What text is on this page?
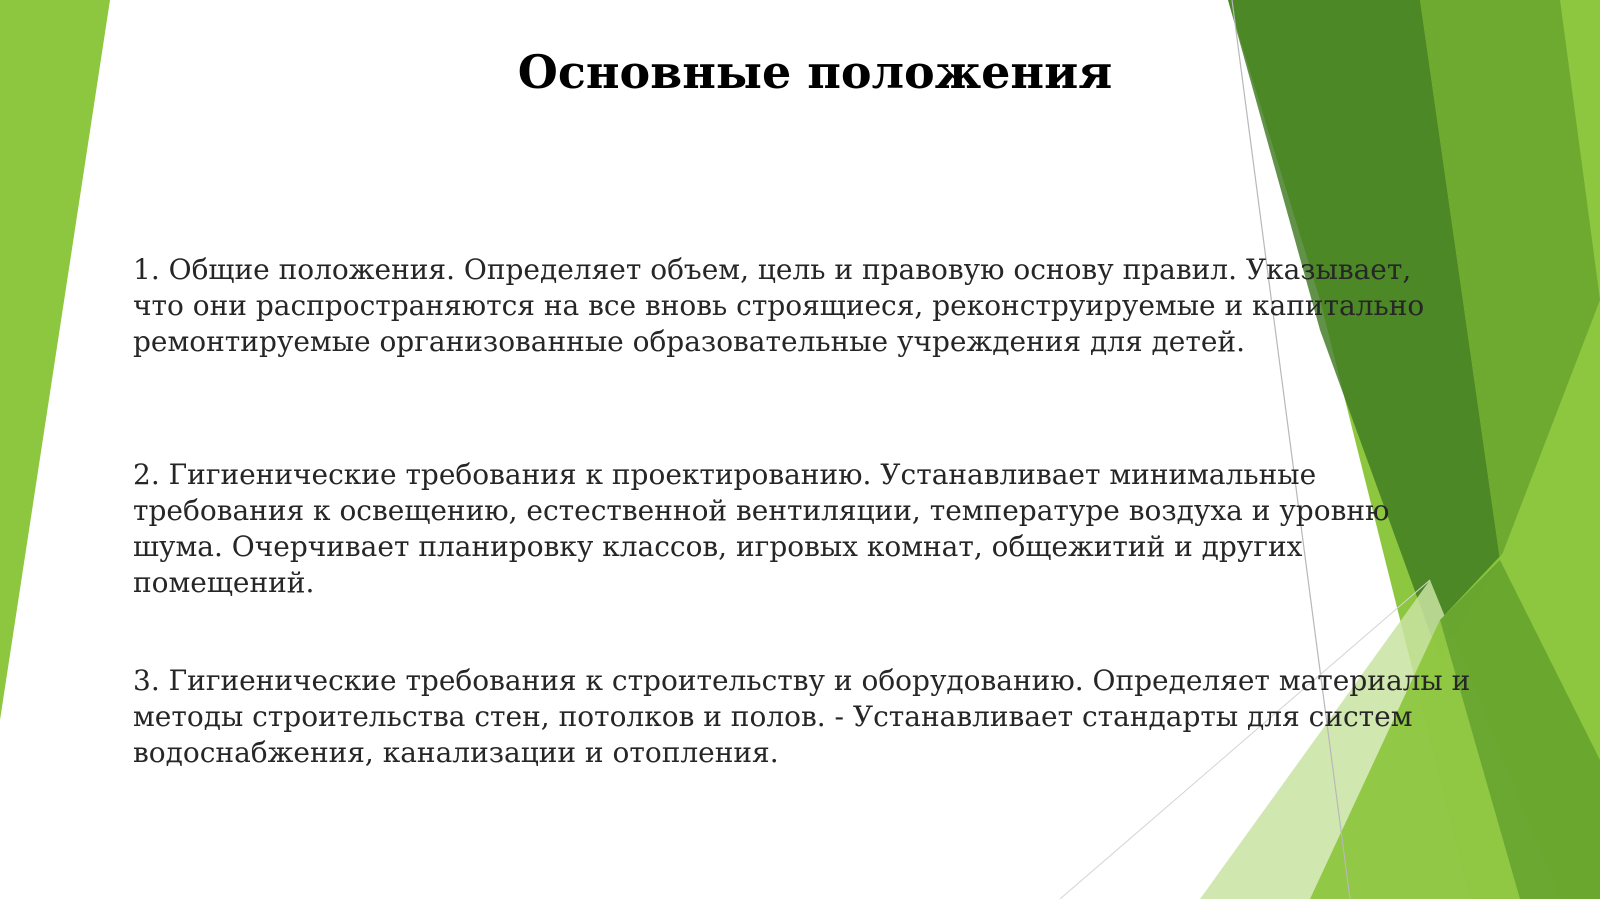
Основные положения

1. Общие положения. Определяет объем, цель и правовую основу правил. Указывает, что они распространяются на все вновь строящиеся, реконструируемые и капитально ремонтируемые организованные образовательные учреждения для детей.

2. Гигиенические требования к проектированию. Устанавливает минимальные требования к освещению, естественной вентиляции, температуре воздуха и уровню шума. Очерчивает планировку классов, игровых комнат, общежитий и других помещений.

3. Гигиенические требования к строительству и оборудованию. Определяет материалы и методы строительства стен, потолков и полов. - Устанавливает стандарты для систем водоснабжения, канализации и отопления.
